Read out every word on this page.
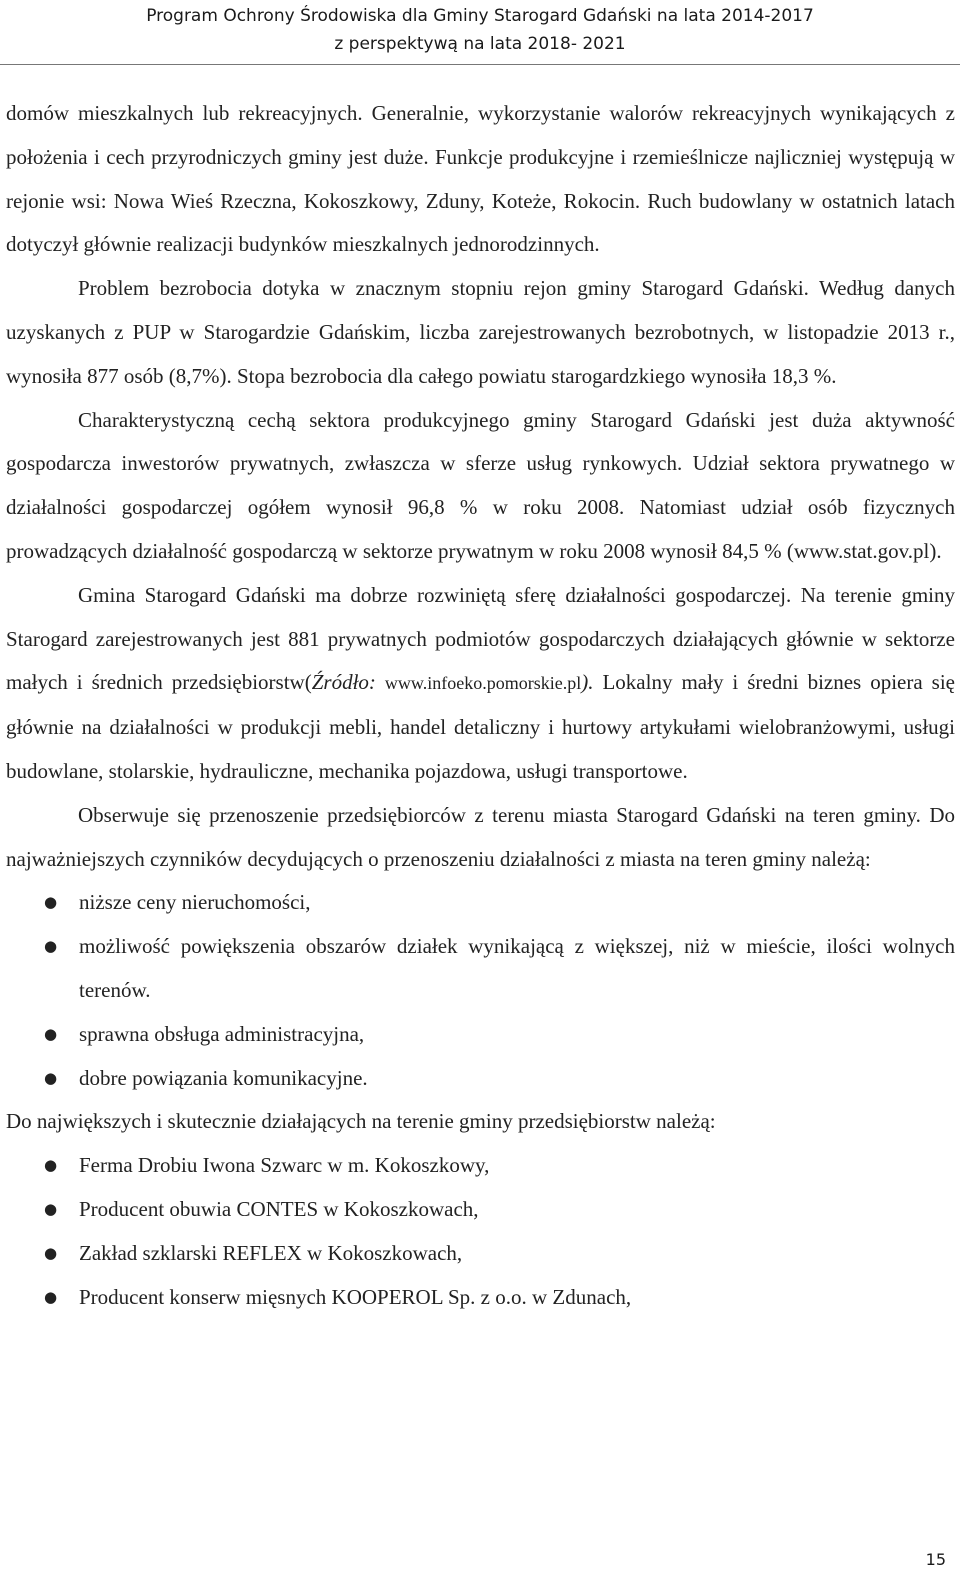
Program Ochrony Środowiska dla Gminy Starogard Gdański na lata 2014-2017
z perspektywą na lata 2018- 2021

domów mieszkalnych lub rekreacyjnych. Generalnie, wykorzystanie walorów rekreacyjnych wynikających z położenia i cech przyrodniczych gminy jest duże. Funkcje produkcyjne i rzemieślnicze najliczniej występują w rejonie wsi: Nowa Wieś Rzeczna, Kokoszkowy, Zduny, Koteże, Rokocin. Ruch budowlany w ostatnich latach dotyczył głównie realizacji budynków mieszkalnych jednorodzinnych.

Problem bezrobocia dotyka w znacznym stopniu rejon gminy Starogard Gdański. Według danych uzyskanych z PUP w Starogardzie Gdańskim, liczba zarejestrowanych bezrobotnych, w listopadzie 2013 r., wynosiła 877 osób (8,7%). Stopa bezrobocia dla całego powiatu starogardzkiego wynosiła 18,3 %.

Charakterystyczną cechą sektora produkcyjnego gminy Starogard Gdański jest duża aktywność gospodarcza inwestorów prywatnych, zwłaszcza w sferze usług rynkowych. Udział sektora prywatnego w działalności gospodarczej ogółem wynosił 96,8 % w roku 2008. Natomiast udział osób fizycznych prowadzących działalność gospodarczą w sektorze prywatnym w roku 2008 wynosił 84,5 % (www.stat.gov.pl).

Gmina Starogard Gdański ma dobrze rozwiniętą sferę działalności gospodarczej. Na terenie gminy Starogard zarejestrowanych jest 881 prywatnych podmiotów gospodarczych działających głównie w sektorze małych i średnich przedsiębiorstw(Źródło: www.infoeko.pomorskie.pl). Lokalny mały i średni biznes opiera się głównie na działalności w produkcji mebli, handel detaliczny i hurtowy artykułami wielobranżowymi, usługi budowlane, stolarskie, hydrauliczne, mechanika pojazdowa, usługi transportowe.

Obserwuje się przenoszenie przedsiębiorców z terenu miasta Starogard Gdański na teren gminy. Do najważniejszych czynników decydujących o przenoszeniu działalności z miasta na teren gminy należą:

● niższe ceny nieruchomości,
● możliwość powiększenia obszarów działek wynikającą z większej, niż w mieście, ilości wolnych terenów.
● sprawna obsługa administracyjna,
● dobre powiązania komunikacyjne.

Do największych i skutecznie działających na terenie gminy przedsiębiorstw należą:

● Ferma Drobiu Iwona Szwarc w m. Kokoszkowy,
● Producent obuwia CONTES w Kokoszkowach,
● Zakład szklarski REFLEX w Kokoszkowach,
● Producent konserw mięsnych KOOPEROL Sp. z o.o. w Zdunach,
15
